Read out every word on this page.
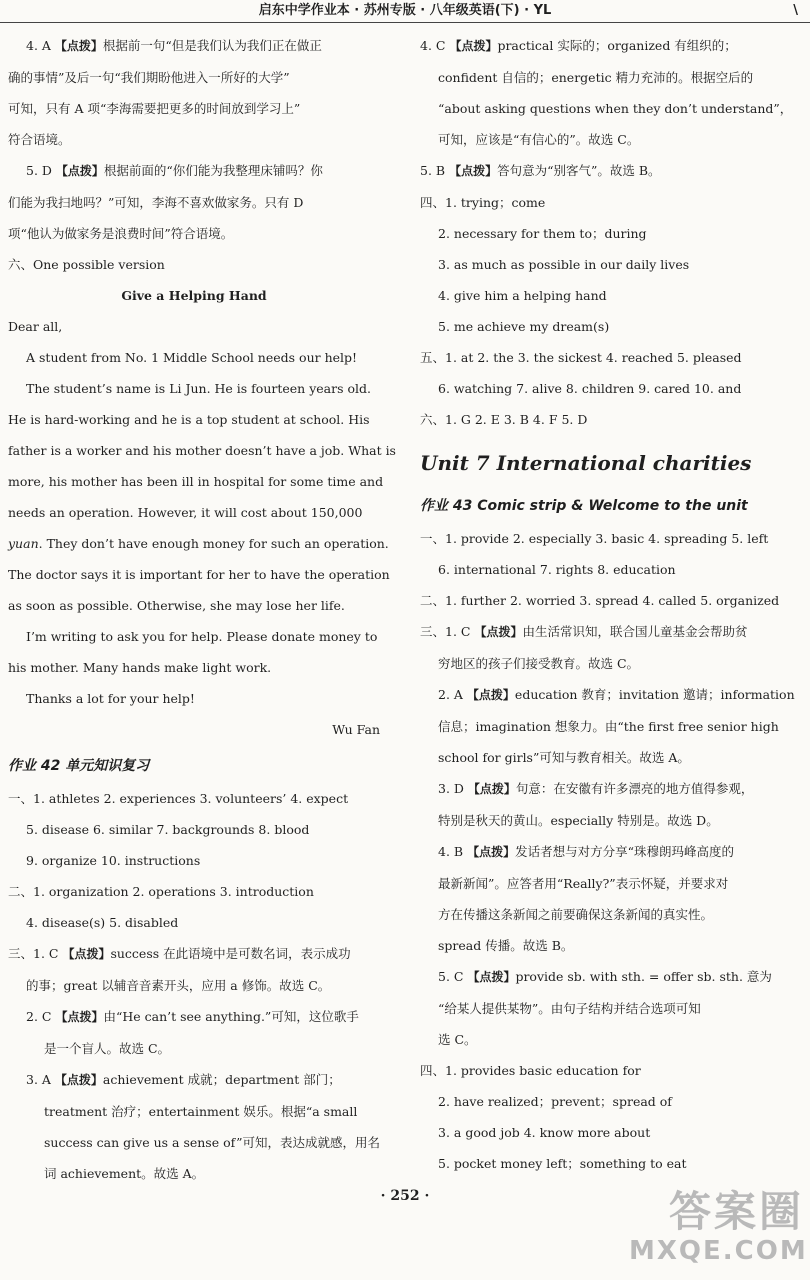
启东中学作业本 · 苏州专版 · 八年级英语(下) · YL	\

4. A 【点拨】根据前一句“但是我们认为我们正在做正

确的事情”及后一句“我们期盼他进入一所好的大学”

可知，只有 A 项“李海需要把更多的时间放到学习上”

符合语境。

5. D 【点拨】根据前面的“你们能为我整理床铺吗？你

们能为我扫地吗？”可知，李海不喜欢做家务。只有 D

项“他认为做家务是浪费时间”符合语境。

六、One possible version

Give a Helping Hand

Dear all,

A student from No. 1 Middle School needs our help!

The student’s name is Li Jun. He is fourteen years old.

He is hard-working and he is a top student at school. His

father is a worker and his mother doesn’t have a job. What is

more, his mother has been ill in hospital for some time and

needs an operation. However, it will cost about 150,000

yuan. They don’t have enough money for such an operation.

The doctor says it is important for her to have the operation

as soon as possible. Otherwise, she may lose her life.

I’m writing to ask you for help. Please donate money to

his mother. Many hands make light work.

Thanks a lot for your help!

Wu Fan

作业 42 单元知识复习

一、1. athletes 2. experiences 3. volunteers’ 4. expect

5. disease 6. similar 7. backgrounds 8. blood

9. organize 10. instructions

二、1. organization 2. operations 3. introduction

4. disease(s) 5. disabled

三、1. C 【点拨】success 在此语境中是可数名词，表示成功

的事；great 以辅音音素开头，应用 a 修饰。故选 C。

2. C 【点拨】由“He can’t see anything.”可知，这位歌手

是一个盲人。故选 C。

3. A 【点拨】achievement 成就；department 部门；

treatment 治疗；entertainment 娱乐。根据“a small

success can give us a sense of”可知，表达成就感，用名

词 achievement。故选 A。

4. C 【点拨】practical 实际的；organized 有组织的；

confident 自信的；energetic 精力充沛的。根据空后的

“about asking questions when they don’t understand”，

可知，应该是“有信心的”。故选 C。

5. B 【点拨】答句意为“别客气”。故选 B。

四、1. trying；come

2. necessary for them to；during

3. as much as possible in our daily lives

4. give him a helping hand

5. me achieve my dream(s)

五、1. at 2. the 3. the sickest 4. reached 5. pleased

6. watching 7. alive 8. children 9. cared 10. and

六、1. G 2. E 3. B 4. F 5. D

Unit 7 International charities

作业 43 Comic strip & Welcome to the unit

一、1. provide 2. especially 3. basic 4. spreading 5. left

6. international 7. rights 8. education

二、1. further 2. worried 3. spread 4. called 5. organized

三、1. C 【点拨】由生活常识知，联合国儿童基金会帮助贫

穷地区的孩子们接受教育。故选 C。

2. A 【点拨】education 教育；invitation 邀请；information

信息；imagination 想象力。由“the first free senior high

school for girls”可知与教育相关。故选 A。

3. D 【点拨】句意：在安徽有许多漂亮的地方值得参观，

特别是秋天的黄山。especially 特别是。故选 D。

4. B 【点拨】发话者想与对方分享“珠穆朗玛峰高度的

最新新闻”。应答者用“Really?”表示怀疑，并要求对

方在传播这条新闻之前要确保这条新闻的真实性。

spread 传播。故选 B。

5. C 【点拨】provide sb. with sth. = offer sb. sth. 意为

“给某人提供某物”。由句子结构并结合选项可知

选 C。

四、1. provides basic education for

2. have realized；prevent；spread of

3. a good job 4. know more about

5. pocket money left；something to eat

· 252 ·	答案圈
MXQE.COM
